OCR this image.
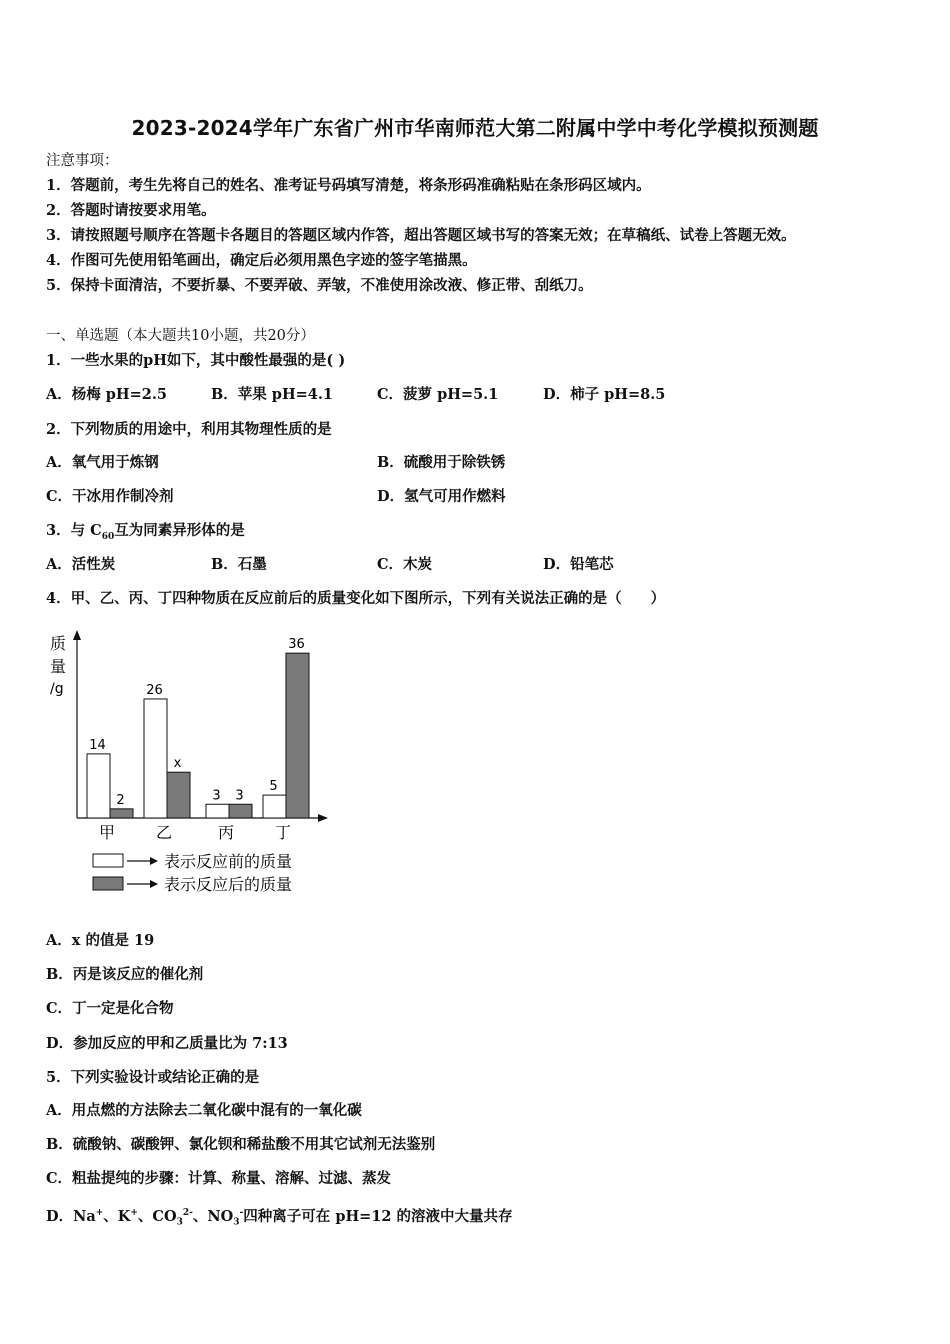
2023-2024学年广东省广州市华南师范大第二附属中学中考化学模拟预测题
注意事项：
1．答题前，考生先将自己的姓名、准考证号码填写清楚，将条形码准确粘贴在条形码区域内。
2．答题时请按要求用笔。
3．请按照题号顺序在答题卡各题目的答题区域内作答，超出答题区域书写的答案无效；在草稿纸、试卷上答题无效。
4．作图可先使用铅笔画出，确定后必须用黑色字迹的签字笔描黑。
5．保持卡面清洁，不要折暴、不要弄破、弄皱，不准使用涂改液、修正带、刮纸刀。
一、单选题（本大题共10小题，共20分）
1．一些水果的pH如下，其中酸性最强的是( )
A．杨梅 pH=2.5	B．苹果 pH=4.1	C．菠萝 pH=5.1	D．柿子 pH=8.5
2．下列物质的用途中，利用其物理性质的是
A．氧气用于炼钢	B．硫酸用于除铁锈
C．干冰用作制冷剂	D．氢气可用作燃料
3．与 $C_{60}$互为同素异形体的是
A．活性炭	B．石墨	C．木炭	D．铅笔芯
4．甲、乙、丙、丁四种物质在反应前后的质量变化如下图所示，下列有关说法正确的是（　　）
质
量
/g
14
2
甲
26
x
乙
3 3
丙
5
36
丁
表示反应前的质量
表示反应后的质量
A．x 的值是 19
B．丙是该反应的催化剂
C．丁一定是化合物
D．参加反应的甲和乙质量比为 7:13
5．下列实验设计或结论正确的是
A．用点燃的方法除去二氧化碳中混有的一氧化碳
B．硫酸钠、碳酸钾、氯化钡和稀盐酸不用其它试剂无法鉴别
C．粗盐提纯的步骤：计算、称量、溶解、过滤、蒸发
D．Na+、K+、$CO_3^{2-}$、$NO_3^-$四种离子可在 pH=12 的溶液中大量共存
